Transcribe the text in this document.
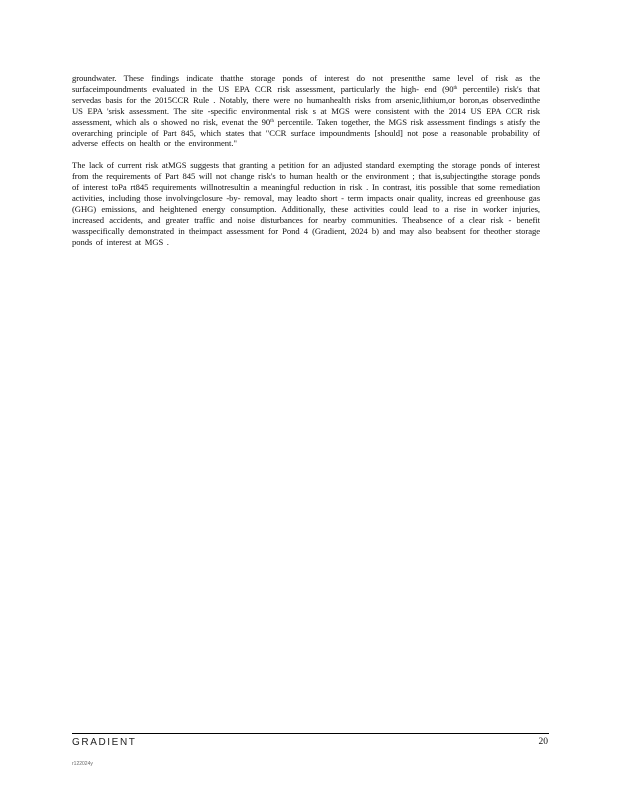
groundwater. These findings indicate thatthe storage ponds of interest do not presentthe same level of risk as the surfaceimpoundments evaluated in the US EPA CCR risk assessment, particularly the high- end (90th percentile) risk's that servedas basis for the 2015CCR Rule . Notably, there were no humanhealth risks from arsenic,lithium,or boron,as observedinthe US EPA 'srisk assessment. The site -specific environmental risk s at MGS were consistent with the 2014 US EPA CCR risk assessment, which als o showed no risk, evenat the 90th percentile. Taken together, the MGS risk assessment findings s atisfy the overarching principle of Part 845, which states that "CCR surface impoundments [should] not pose a reasonable probability of adverse effects on health or the environment."

The lack of current risk atMGS suggests that granting a petition for an adjusted standard exempting the storage ponds of interest from the requirements of Part 845 will not change risk's to human health or the environment ; that is,subjectingthe storage ponds of interest toPa rt845 requirements willnotresultin a meaningful reduction in risk . In contrast, itis possible that some remediation activities, including those involvingclosure -by- removal, may leadto short - term impacts onair quality, increas ed greenhouse gas (GHG) emissions, and heightened energy consumption. Additionally, these activities could lead to a rise in worker injuries, increased accidents, and greater traffic and noise disturbances for nearby communities. Theabsence of a clear risk - benefit wasspecifically demonstrated in theimpact assessment for Pond 4 (Gradient, 2024 b) and may also beabsent for theother storage ponds of interest at MGS .

GRADIENT	20
r122024y
